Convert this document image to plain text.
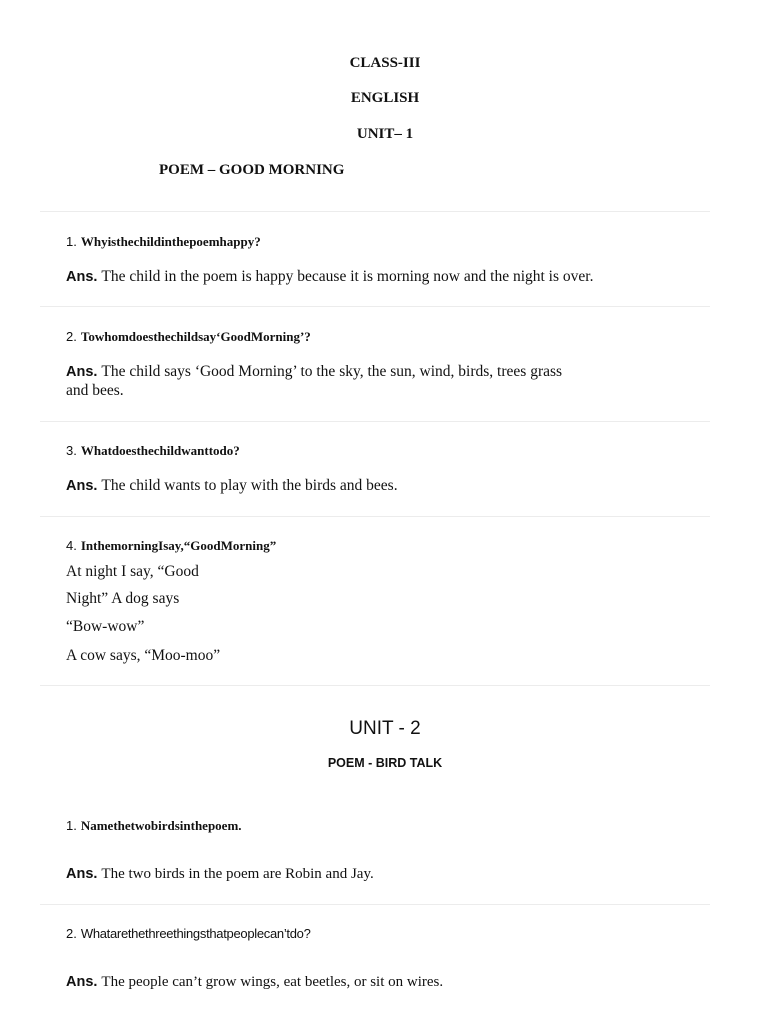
CLASS-III
ENGLISH
UNIT– 1
POEM – GOOD MORNING
1. Whyisthechildinthepoemhappy?
Ans. The child in the poem is happy because it is morning now and the night is over.
2. Towhomdoesthechildsay‘GoodMorning’?
Ans. The child says ‘Good Morning’ to the sky, the sun, wind, birds, trees grass
and bees.
3. Whatdoesthechildwanttodo?
Ans. The child wants to play with the birds and bees.
4. InthemorningIsay,“GoodMorning”
At night I say, “Good
Night” A dog says
“Bow-wow”
A cow says, “Moo-moo”
UNIT - 2
POEM - BIRD TALK
1. Namethetwobirdsinthepoem.
Ans. The two birds in the poem are Robin and Jay.
2. Whatarethethreethingsthatpeoplecan’tdo?
Ans. The people can’t grow wings, eat beetles, or sit on wires.
